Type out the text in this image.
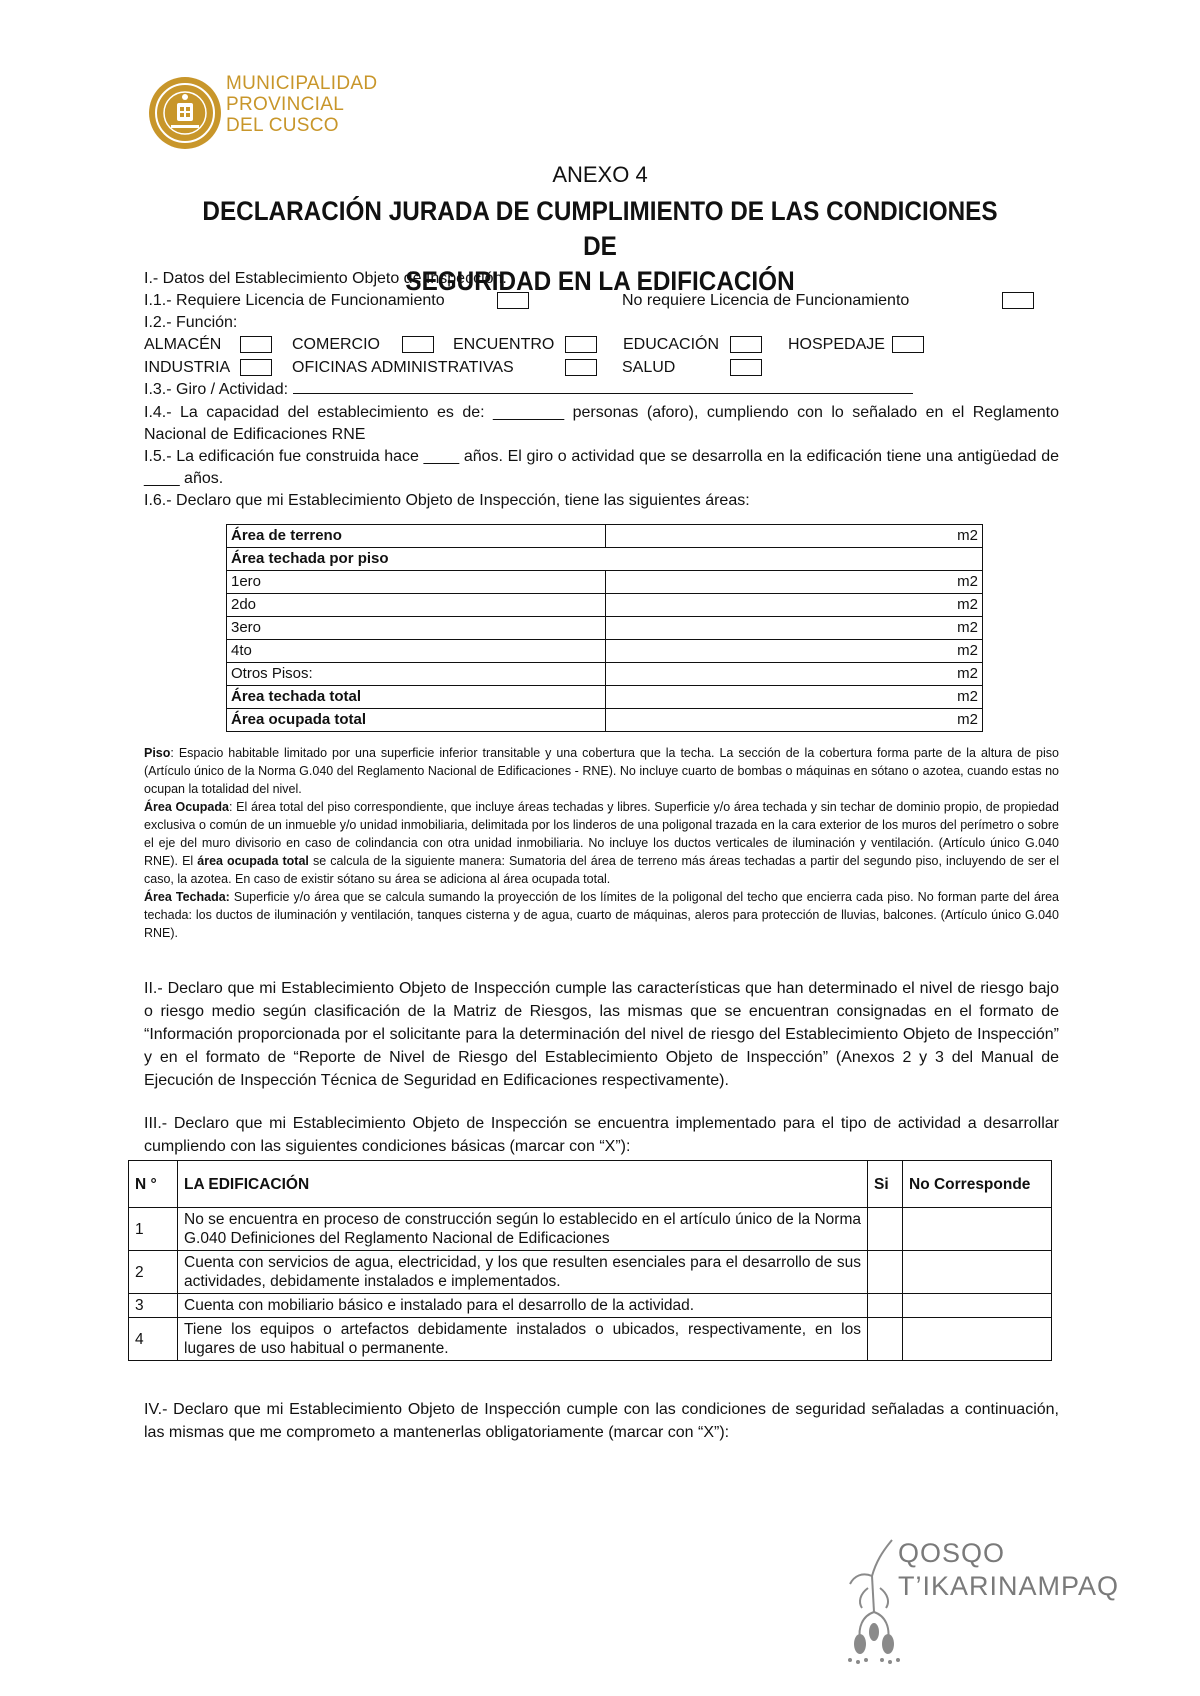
MUNICIPALIDAD
PROVINCIAL
DEL CUSCO
ANEXO 4
DECLARACIÓN JURADA DE CUMPLIMIENTO DE LAS CONDICIONES DE
SEGURIDAD EN LA EDIFICACIÓN
I.- Datos del Establecimiento Objeto de Inspección.
I.1.- Requiere Licencia de Funcionamiento	No requiere Licencia de Funcionamiento
I.2.- Función:
ALMACÉN	COMERCIO	ENCUENTRO	EDUCACIÓN	HOSPEDAJE
INDUSTRIA	OFICINAS ADMINISTRATIVAS	SALUD
I.3.- Giro / Actividad:
I.4.- La capacidad del establecimiento es de: ________ personas (aforo), cumpliendo con lo señalado en el Reglamento Nacional de Edificaciones RNE
I.5.- La edificación fue construida hace ____ años. El giro o actividad que se desarrolla en la edificación tiene una antigüedad de ____ años.
I.6.- Declaro que mi Establecimiento Objeto de Inspección, tiene las siguientes áreas:
Área de terreno	m2
Área techada por piso	
1ero	m2
2do	m2
3ero	m2
4to	m2
Otros Pisos:	m2
Área techada total	m2
Área ocupada total	m2
Piso: Espacio habitable limitado por una superficie inferior transitable y una cobertura que la techa. La sección de la cobertura forma parte de la altura de piso (Artículo único de la Norma G.040 del Reglamento Nacional de Edificaciones - RNE). No incluye cuarto de bombas o máquinas en sótano o azotea, cuando estas no ocupan la totalidad del nivel.
Área Ocupada: El área total del piso correspondiente, que incluye áreas techadas y libres. Superficie y/o área techada y sin techar de dominio propio, de propiedad exclusiva o común de un inmueble y/o unidad inmobiliaria, delimitada por los linderos de una poligonal trazada en la cara exterior de los muros del perímetro o sobre el eje del muro divisorio en caso de colindancia con otra unidad inmobiliaria. No incluye los ductos verticales de iluminación y ventilación. (Artículo único G.040 RNE). El área ocupada total se calcula de la siguiente manera: Sumatoria del área de terreno más áreas techadas a partir del segundo piso, incluyendo de ser el caso, la azotea. En caso de existir sótano su área se adiciona al área ocupada total.
Área Techada: Superficie y/o área que se calcula sumando la proyección de los límites de la poligonal del techo que encierra cada piso. No forman parte del área techada: los ductos de iluminación y ventilación, tanques cisterna y de agua, cuarto de máquinas, aleros para protección de lluvias, balcones. (Artículo único G.040 RNE).
II.- Declaro que mi Establecimiento Objeto de Inspección cumple las características que han determinado el nivel de riesgo bajo o riesgo medio según clasificación de la Matriz de Riesgos, las mismas que se encuentran consignadas en el formato de “Información proporcionada por el solicitante para la determinación del nivel de riesgo del Establecimiento Objeto de Inspección” y en el formato de “Reporte de Nivel de Riesgo del Establecimiento Objeto de Inspección” (Anexos 2 y 3 del Manual de Ejecución de Inspección Técnica de Seguridad en Edificaciones respectivamente).
III.- Declaro que mi Establecimiento Objeto de Inspección se encuentra implementado para el tipo de actividad a desarrollar cumpliendo con las siguientes condiciones básicas (marcar con “X”):
N °	LA EDIFICACIÓN	Si	No Corresponde
1	No se encuentra en proceso de construcción según lo establecido en el artículo único de la Norma G.040 Definiciones del Reglamento Nacional de Edificaciones		
2	Cuenta con servicios de agua, electricidad, y los que resulten esenciales para el desarrollo de sus actividades, debidamente instalados e implementados.		
3	Cuenta con mobiliario básico e instalado para el desarrollo de la actividad.		
4	Tiene los equipos o artefactos debidamente instalados o ubicados, respectivamente, en los lugares de uso habitual o permanente.		
IV.- Declaro que mi Establecimiento Objeto de Inspección cumple con las condiciones de seguridad señaladas a continuación, las mismas que me comprometo a mantenerlas obligatoriamente (marcar con “X”):
QOSQO
T’IKARINAMPAQ
